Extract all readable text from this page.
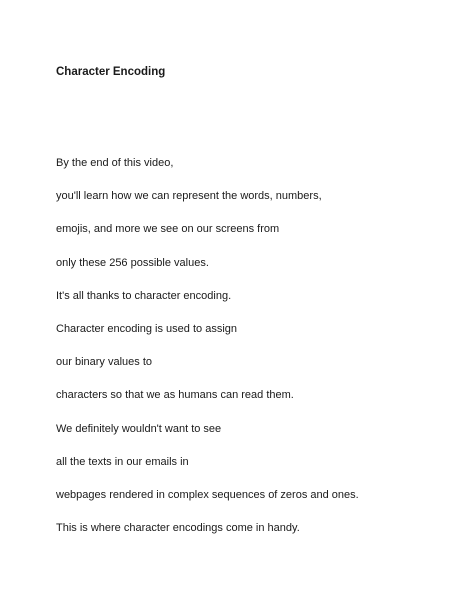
Character Encoding

By the end of this video,

you'll learn how we can represent the words, numbers,

emojis, and more we see on our screens from

only these 256 possible values.

It's all thanks to character encoding.

Character encoding is used to assign

our binary values to

characters so that we as humans can read them.

We definitely wouldn't want to see

all the texts in our emails in

webpages rendered in complex sequences of zeros and ones.

This is where character encodings come in handy.
